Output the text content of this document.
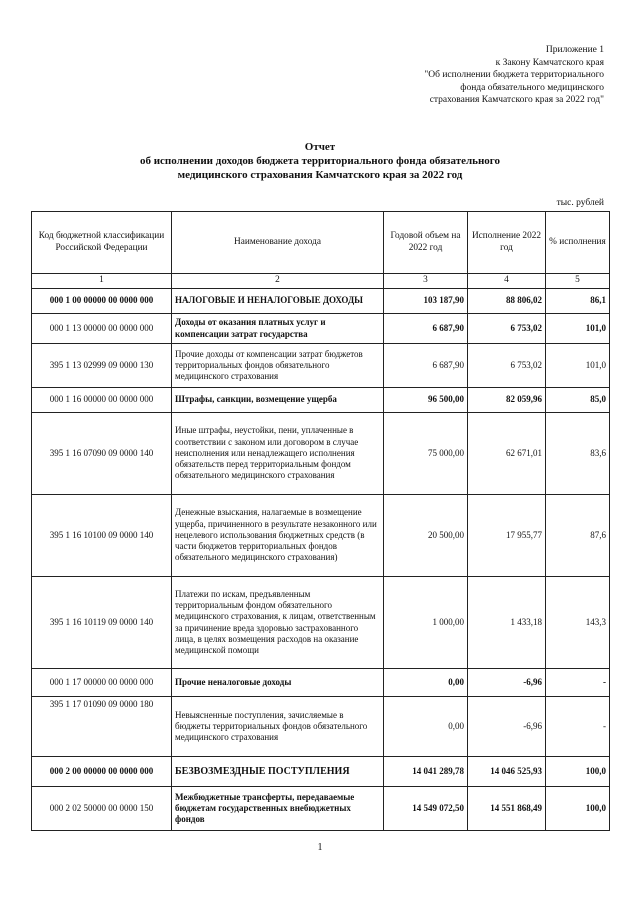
Приложение 1
к Закону Камчатского края
"Об исполнении бюджета территориального
фонда обязательного медицинского
страхования Камчатского края за 2022 год"
Отчет
об исполнении доходов бюджета территориального фонда обязательного
медицинского страхования Камчатского края за 2022 год
тыс. рублей
Код бюджетной классификации Российской Федерации	Наименование дохода	Годовой объем на 2022 год	Исполнение 2022 год	% исполнения
1	2	3	4	5
000 1 00 00000 00 0000 000	НАЛОГОВЫЕ И НЕНАЛОГОВЫЕ ДОХОДЫ	103 187,90	88 806,02	86,1
000 1 13 00000 00 0000 000	Доходы от оказания платных услуг и компенсации затрат государства	6 687,90	6 753,02	101,0
395 1 13 02999 09 0000 130	Прочие доходы от компенсации затрат бюджетов территориальных фондов обязательного медицинского страхования	6 687,90	6 753,02	101,0
000 1 16 00000 00 0000 000	Штрафы, санкции, возмещение ущерба	96 500,00	82 059,96	85,0
395 1 16 07090 09 0000 140	Иные штрафы, неустойки, пени, уплаченные в соответствии с законом или договором в случае неисполнения или ненадлежащего исполнения обязательств перед территориальным фондом обязательного медицинского страхования	75 000,00	62 671,01	83,6
395 1 16 10100 09 0000 140	Денежные взыскания, налагаемые в возмещение ущерба, причиненного в результате незаконного или нецелевого использования бюджетных средств (в части бюджетов территориальных фондов обязательного медицинского страхования)	20 500,00	17 955,77	87,6
395 1 16 10119 09 0000 140	Платежи по искам, предъявленным территориальным фондом обязательного медицинского страхования, к лицам, ответственным за причинение вреда здоровью застрахованного лица, в целях возмещения расходов на оказание медицинской помощи	1 000,00	1 433,18	143,3
000 1 17 00000 00 0000 000	Прочие неналоговые доходы	0,00	-6,96	-
395 1 17 01090 09 0000 180	Невыясненные поступления, зачисляемые в бюджеты территориальных фондов обязательного медицинского страхования	0,00	-6,96	-
000 2 00 00000 00 0000 000	БЕЗВОЗМЕЗДНЫЕ ПОСТУПЛЕНИЯ	14 041 289,78	14 046 525,93	100,0
000 2 02 50000 00 0000 150	Межбюджетные трансферты, передаваемые бюджетам государственных внебюджетных фондов	14 549 072,50	14 551 868,49	100,0
1
